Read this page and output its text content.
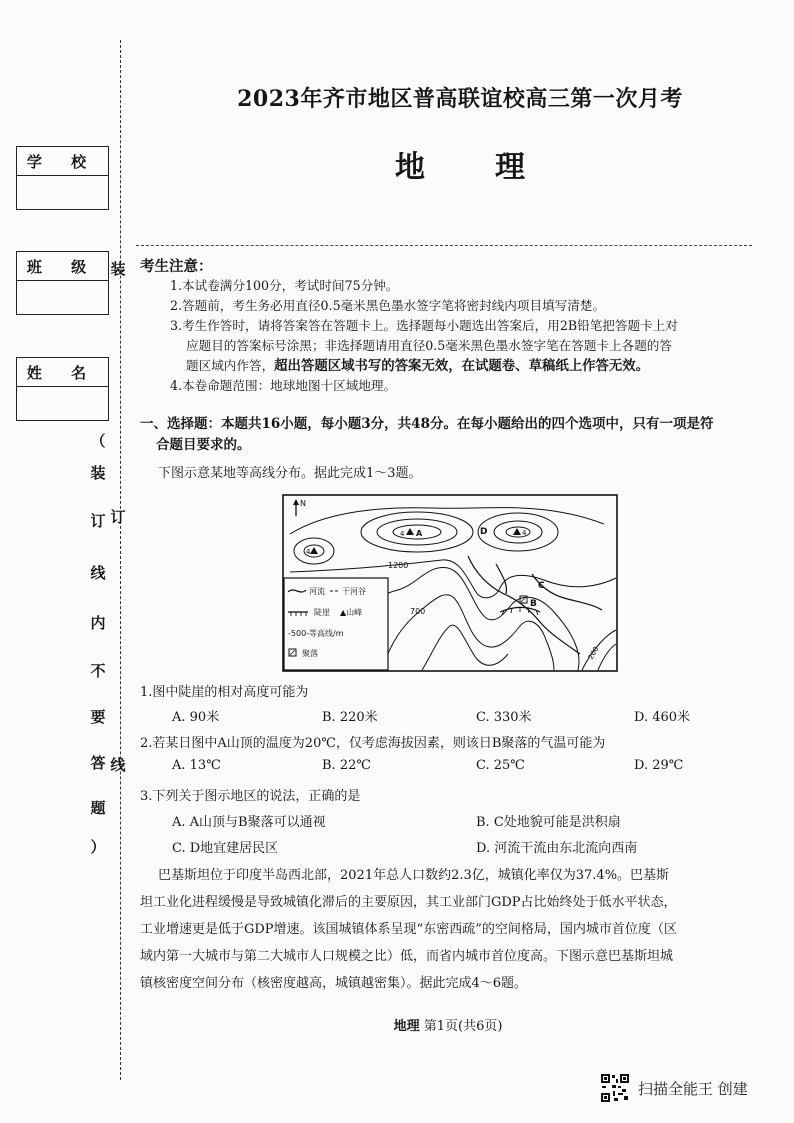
学 校
班 级
姓 名
（
装
订
线
内
不
要
答
题
）
装
订
线
2023年齐市地区普高联谊校高三第一次月考
地理
考生注意：
1.本试卷满分100分，考试时间75分钟。
2.答题前，考生务必用直径0.5毫米黑色墨水签字笔将密封线内项目填写清楚。
3.考生作答时，请将答案答在答题卡上。选择题每小题选出答案后，用2B铅笔把答题卡上对
应题目的答案标号涂黑；非选择题请用直径0.5毫米黑色墨水签字笔在答题卡上各题的答
题区域内作答，超出答题区域书写的答案无效，在试题卷、草稿纸上作答无效。
4.本卷命题范围：地球地图十区域地理。
一、选择题：本题共16小题，每小题3分，共48分。在每小题给出的四个选项中，只有一项是符
合题目要求的。
下图示意某地等高线分布。据此完成1～3题。
N
4 A
4
4
D
C
B
1200
700
200
河流 干河谷
陡崖 ▲山峰
-500-等高线/m
聚落
1.图中陡崖的相对高度可能为
A. 90米	B. 220米	C. 330米	D. 460米
2.若某日图中A山顶的温度为20℃，仅考虑海拔因素，则该日B聚落的气温可能为
A. 13℃	B. 22℃	C. 25℃	D. 29℃
3.下列关于图示地区的说法，正确的是
A. A山顶与B聚落可以通视	B. C处地貌可能是洪积扇
C. D地宜建居民区	D. 河流干流由东北流向西南
巴基斯坦位于印度半岛西北部，2021年总人口数约2.3亿，城镇化率仅为37.4%。巴基斯
坦工业化进程缓慢是导致城镇化滞后的主要原因，其工业部门GDP占比始终处于低水平状态，
工业增速更是低于GDP增速。该国城镇体系呈现“东密西疏”的空间格局，国内城市首位度（区
域内第一大城市与第二大城市人口规模之比）低，而省内城市首位度高。下图示意巴基斯坦城
镇核密度空间分布（核密度越高，城镇越密集）。据此完成4～6题。
地理 第1页(共6页)
扫描全能王 创建
